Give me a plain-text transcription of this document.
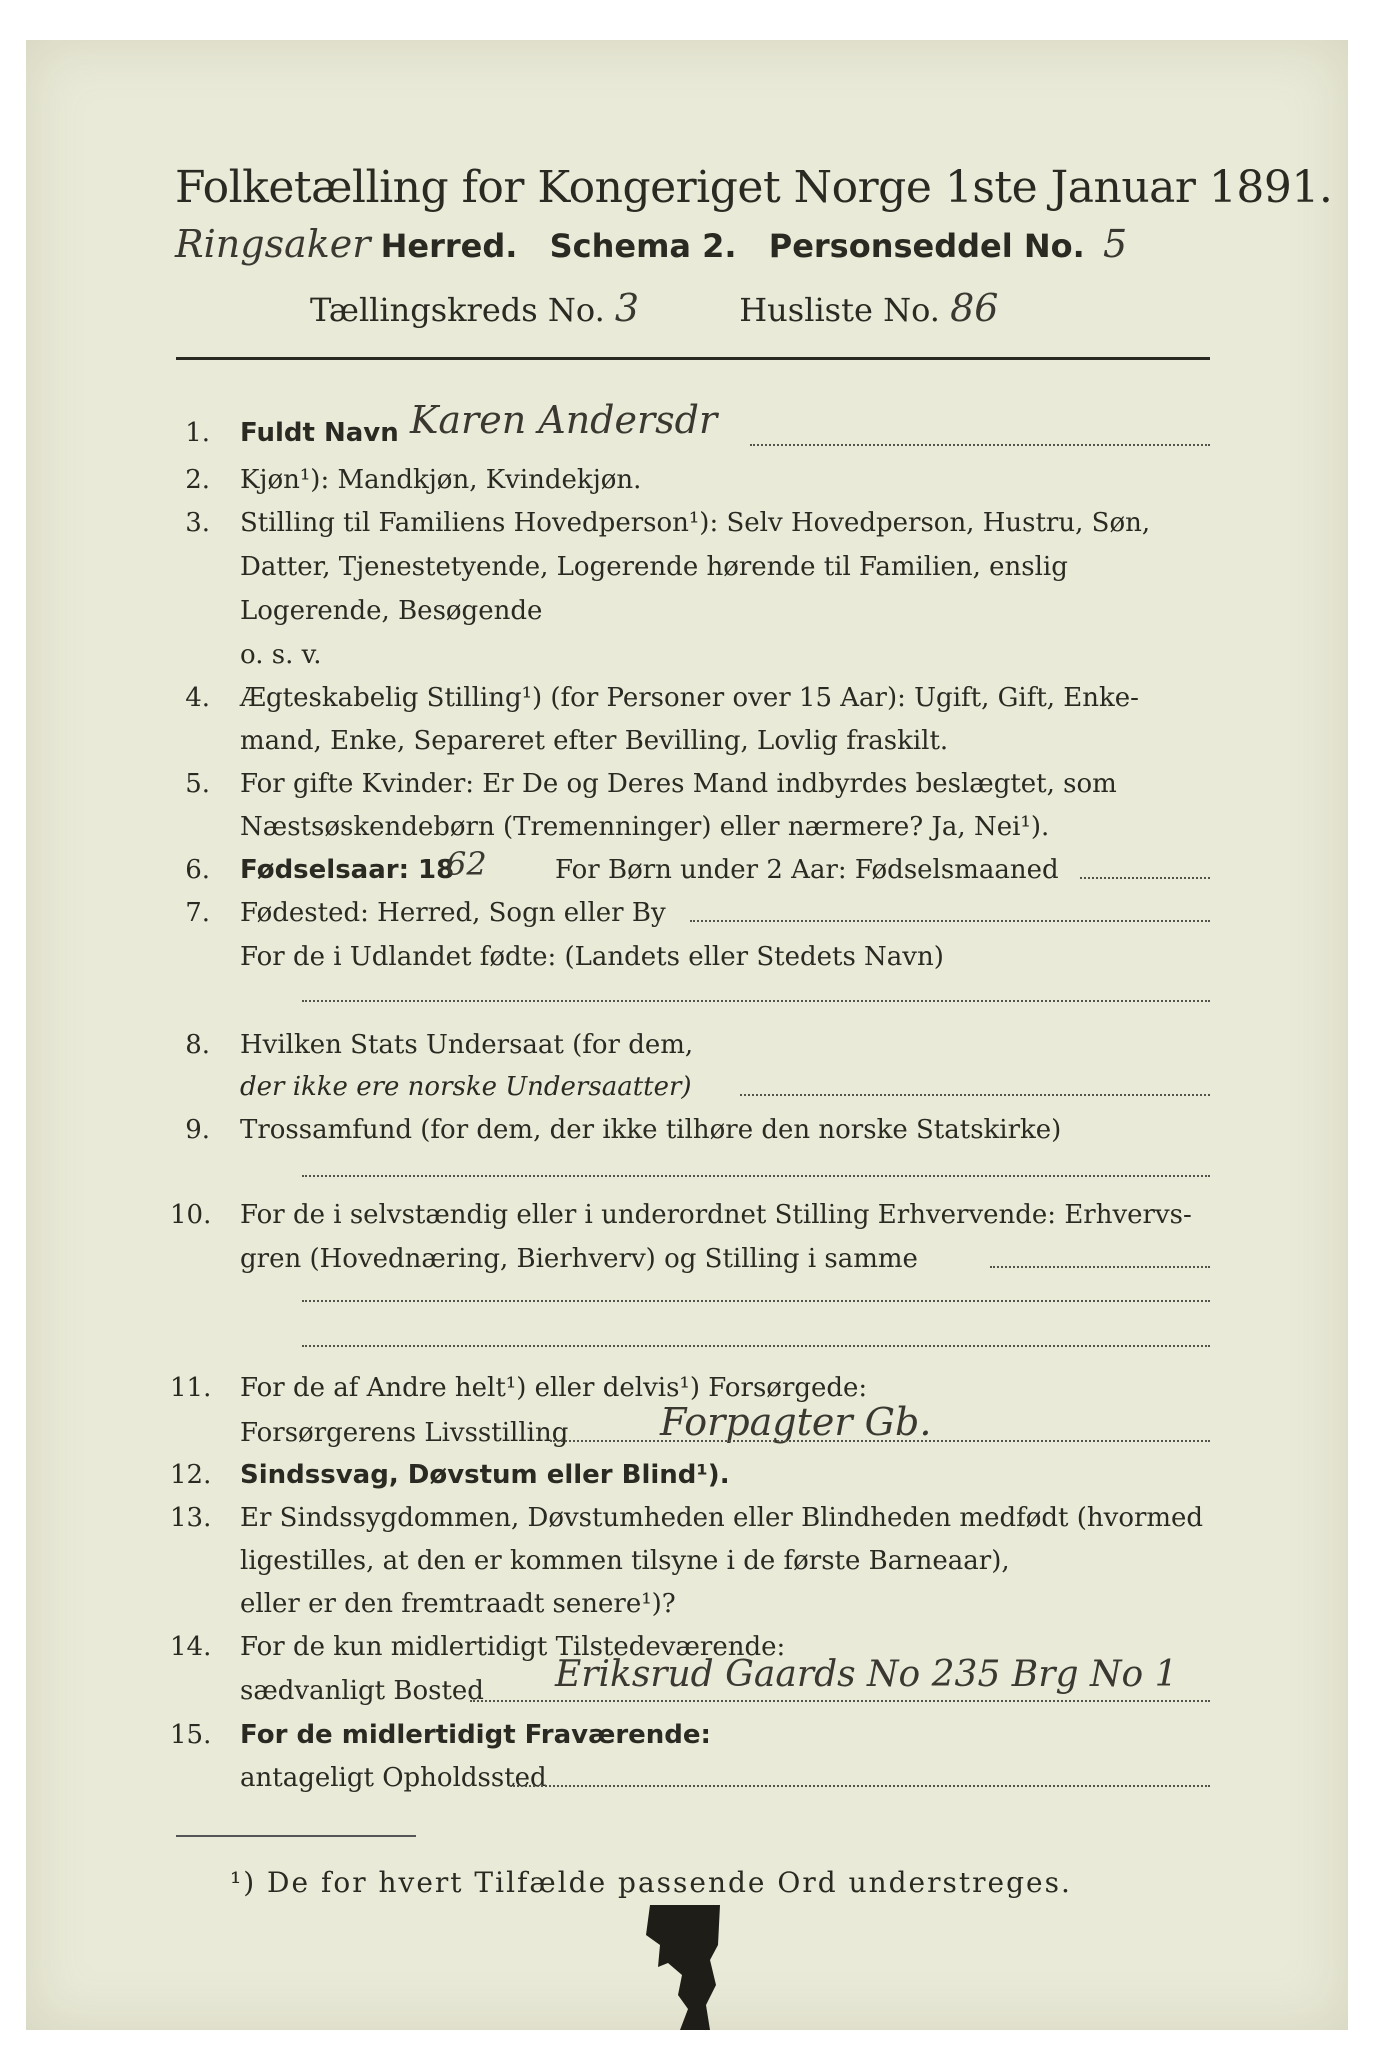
Folketælling for Kongeriget Norge 1ste Januar 1891.
Ringsaker Herred. Schema 2. Personseddel No. 5
Tællingskreds No. 3	Husliste No. 86
1. Fuldt Navn Karen Andersdr
2. Kjøn¹): Mandkjøn, Kvindekjøn.
3. Stilling til Familiens Hovedperson¹): Selv Hovedperson, Hustru, Søn,
Datter, Tjenestetyende, Logerende hørende til Familien, enslig
Logerende, Besøgende
o. s. v.
4. Ægteskabelig Stilling¹) (for Personer over 15 Aar): Ugift, Gift, Enke-
mand, Enke, Separeret efter Bevilling, Lovlig fraskilt.
5. For gifte Kvinder: Er De og Deres Mand indbyrdes beslægtet, som
Næstsøskendebørn (Tremenninger) eller nærmere? Ja, Nei¹).
6. Fødselsaar: 18
62	For Børn under 2 Aar: Fødselsmaaned
7. Fødested: Herred, Sogn eller By
For de i Udlandet fødte: (Landets eller Stedets Navn)
8. Hvilken Stats Undersaat (for dem,
der ikke ere norske Undersaatter)
9. Trossamfund (for dem, der ikke tilhøre den norske Statskirke)
10. For de i selvstændig eller i underordnet Stilling Erhvervende: Erhvervs-
gren (Hovednæring, Bierhverv) og Stilling i samme
11. For de af Andre helt¹) eller delvis¹) Forsørgede:
Forsørgerens Livsstilling Forpagter Gb.
12. Sindssvag, Døvstum eller Blind¹).
13. Er Sindssygdommen, Døvstumheden eller Blindheden medfødt (hvormed
ligestilles, at den er kommen tilsyne i de første Barneaar),
eller er den fremtraadt senere¹)?
14. For de kun midlertidigt Tilstedeværende:
sædvanligt Bosted Eriksrud Gaards No 235 Brg No 1
15. For de midlertidigt Fraværende:
antageligt Opholdssted
¹) De for hvert Tilfælde passende Ord understreges.
